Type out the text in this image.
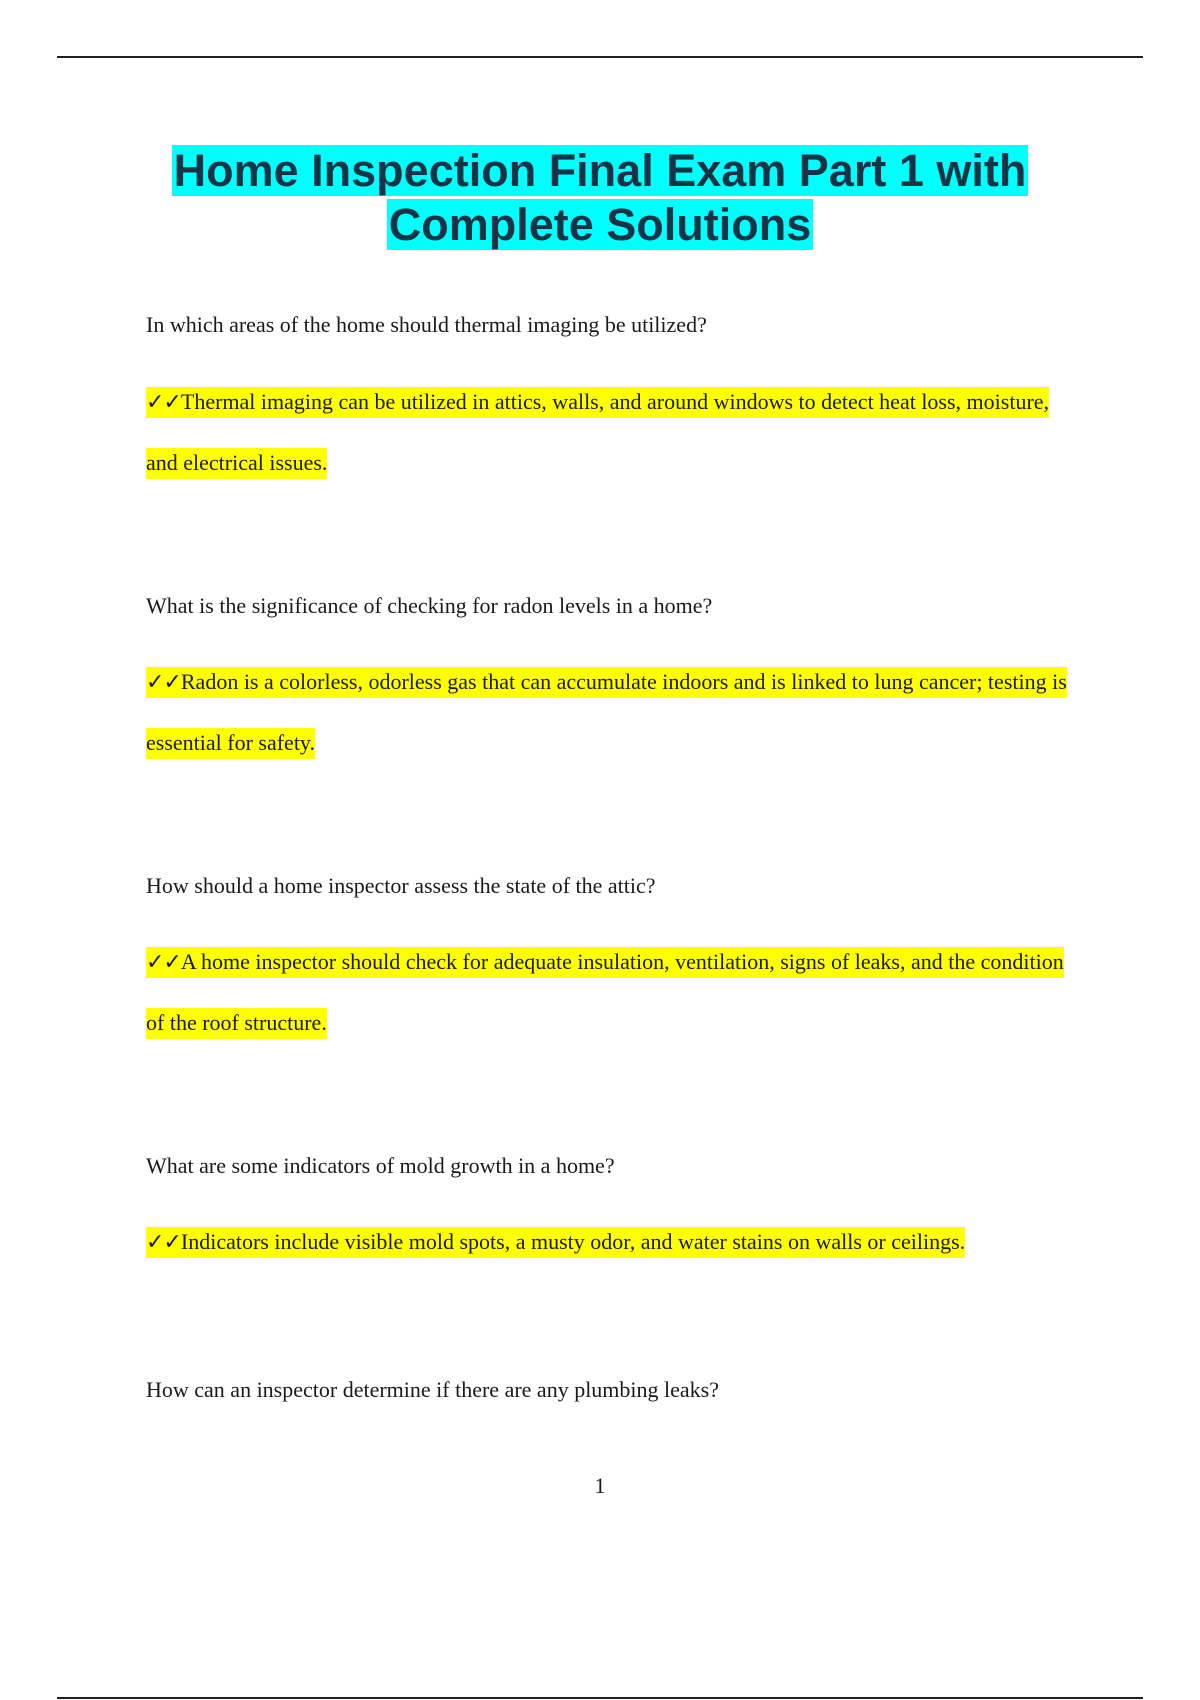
Home Inspection Final Exam Part 1 with
Complete Solutions

In which areas of the home should thermal imaging be utilized?

✓✓Thermal imaging can be utilized in attics, walls, and around windows to detect heat loss, moisture, and electrical issues.

What is the significance of checking for radon levels in a home?

✓✓Radon is a colorless, odorless gas that can accumulate indoors and is linked to lung cancer; testing is essential for safety.

How should a home inspector assess the state of the attic?

✓✓A home inspector should check for adequate insulation, ventilation, signs of leaks, and the condition of the roof structure.

What are some indicators of mold growth in a home?

✓✓Indicators include visible mold spots, a musty odor, and water stains on walls or ceilings.

How can an inspector determine if there are any plumbing leaks?

1
